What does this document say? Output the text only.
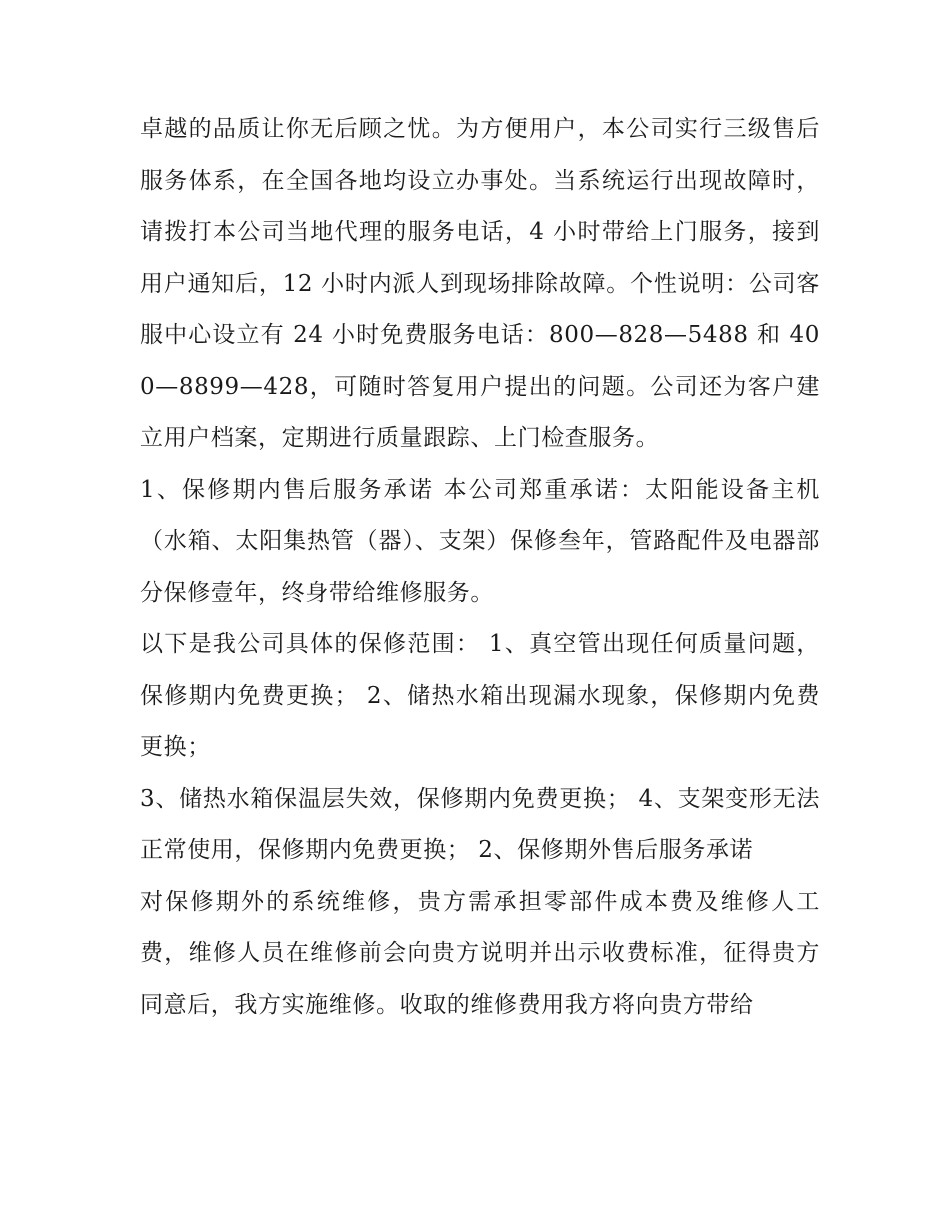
卓越的品质让你无后顾之忧。为方便用户，本公司实行三级售后服务体系，在全国各地均设立办事处。当系统运行出现故障时，请拨打本公司当地代理的服务电话，4 小时带给上门服务，接到用户通知后，12 小时内派人到现场排除故障。个性说明：公司客服中心设立有 24 小时免费服务电话：800—828—5488 和 400—8899—428，可随时答复用户提出的问题。公司还为客户建立用户档案，定期进行质量跟踪、上门检查服务。

1、保修期内售后服务承诺 本公司郑重承诺：太阳能设备主机（水箱、太阳集热管（器）、支架）保修叁年，管路配件及电器部分保修壹年，终身带给维修服务。

以下是我公司具体的保修范围： 1、真空管出现任何质量问题，保修期内免费更换； 2、储热水箱出现漏水现象，保修期内免费更换；

3、储热水箱保温层失效，保修期内免费更换； 4、支架变形无法正常使用，保修期内免费更换； 2、保修期外售后服务承诺

对保修期外的系统维修，贵方需承担零部件成本费及维修人工费，维修人员在维修前会向贵方说明并出示收费标准，征得贵方同意后，我方实施维修。收取的维修费用我方将向贵方带给
